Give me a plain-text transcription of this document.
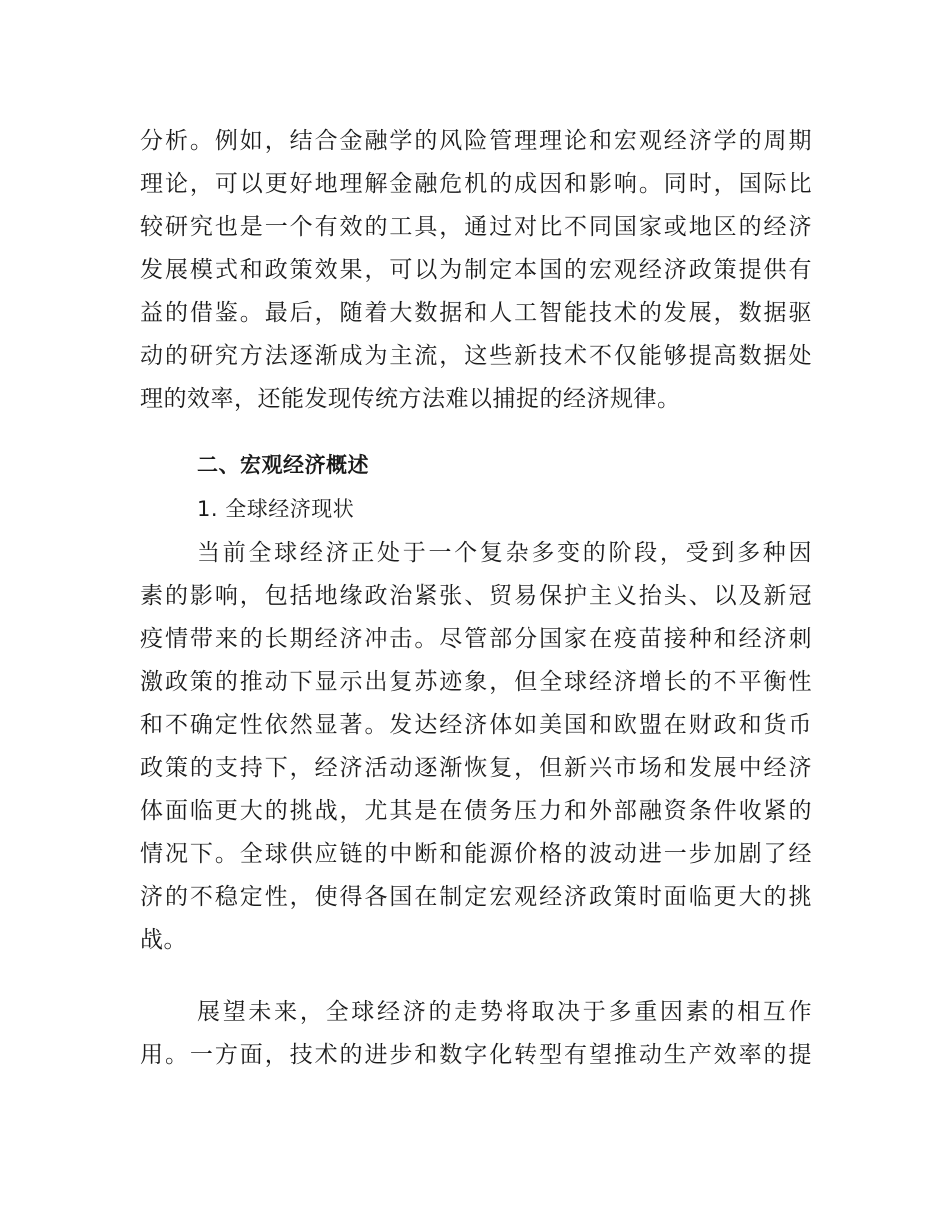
分析。例如，结合金融学的风险管理理论和宏观经济学的周期
理论，可以更好地理解金融危机的成因和影响。同时，国际比
较研究也是一个有效的工具，通过对比不同国家或地区的经济
发展模式和政策效果，可以为制定本国的宏观经济政策提供有
益的借鉴。最后，随着大数据和人工智能技术的发展，数据驱
动的研究方法逐渐成为主流，这些新技术不仅能够提高数据处
理的效率，还能发现传统方法难以捕捉的经济规律。
二、宏观经济概述
1. 全球经济现状
当前全球经济正处于一个复杂多变的阶段，受到多种因
素的影响，包括地缘政治紧张、贸易保护主义抬头、以及新冠
疫情带来的长期经济冲击。尽管部分国家在疫苗接种和经济刺
激政策的推动下显示出复苏迹象，但全球经济增长的不平衡性
和不确定性依然显著。发达经济体如美国和欧盟在财政和货币
政策的支持下，经济活动逐渐恢复，但新兴市场和发展中经济
体面临更大的挑战，尤其是在债务压力和外部融资条件收紧的
情况下。全球供应链的中断和能源价格的波动进一步加剧了经
济的不稳定性，使得各国在制定宏观经济政策时面临更大的挑
战。
展望未来，全球经济的走势将取决于多重因素的相互作
用。一方面，技术的进步和数字化转型有望推动生产效率的提
